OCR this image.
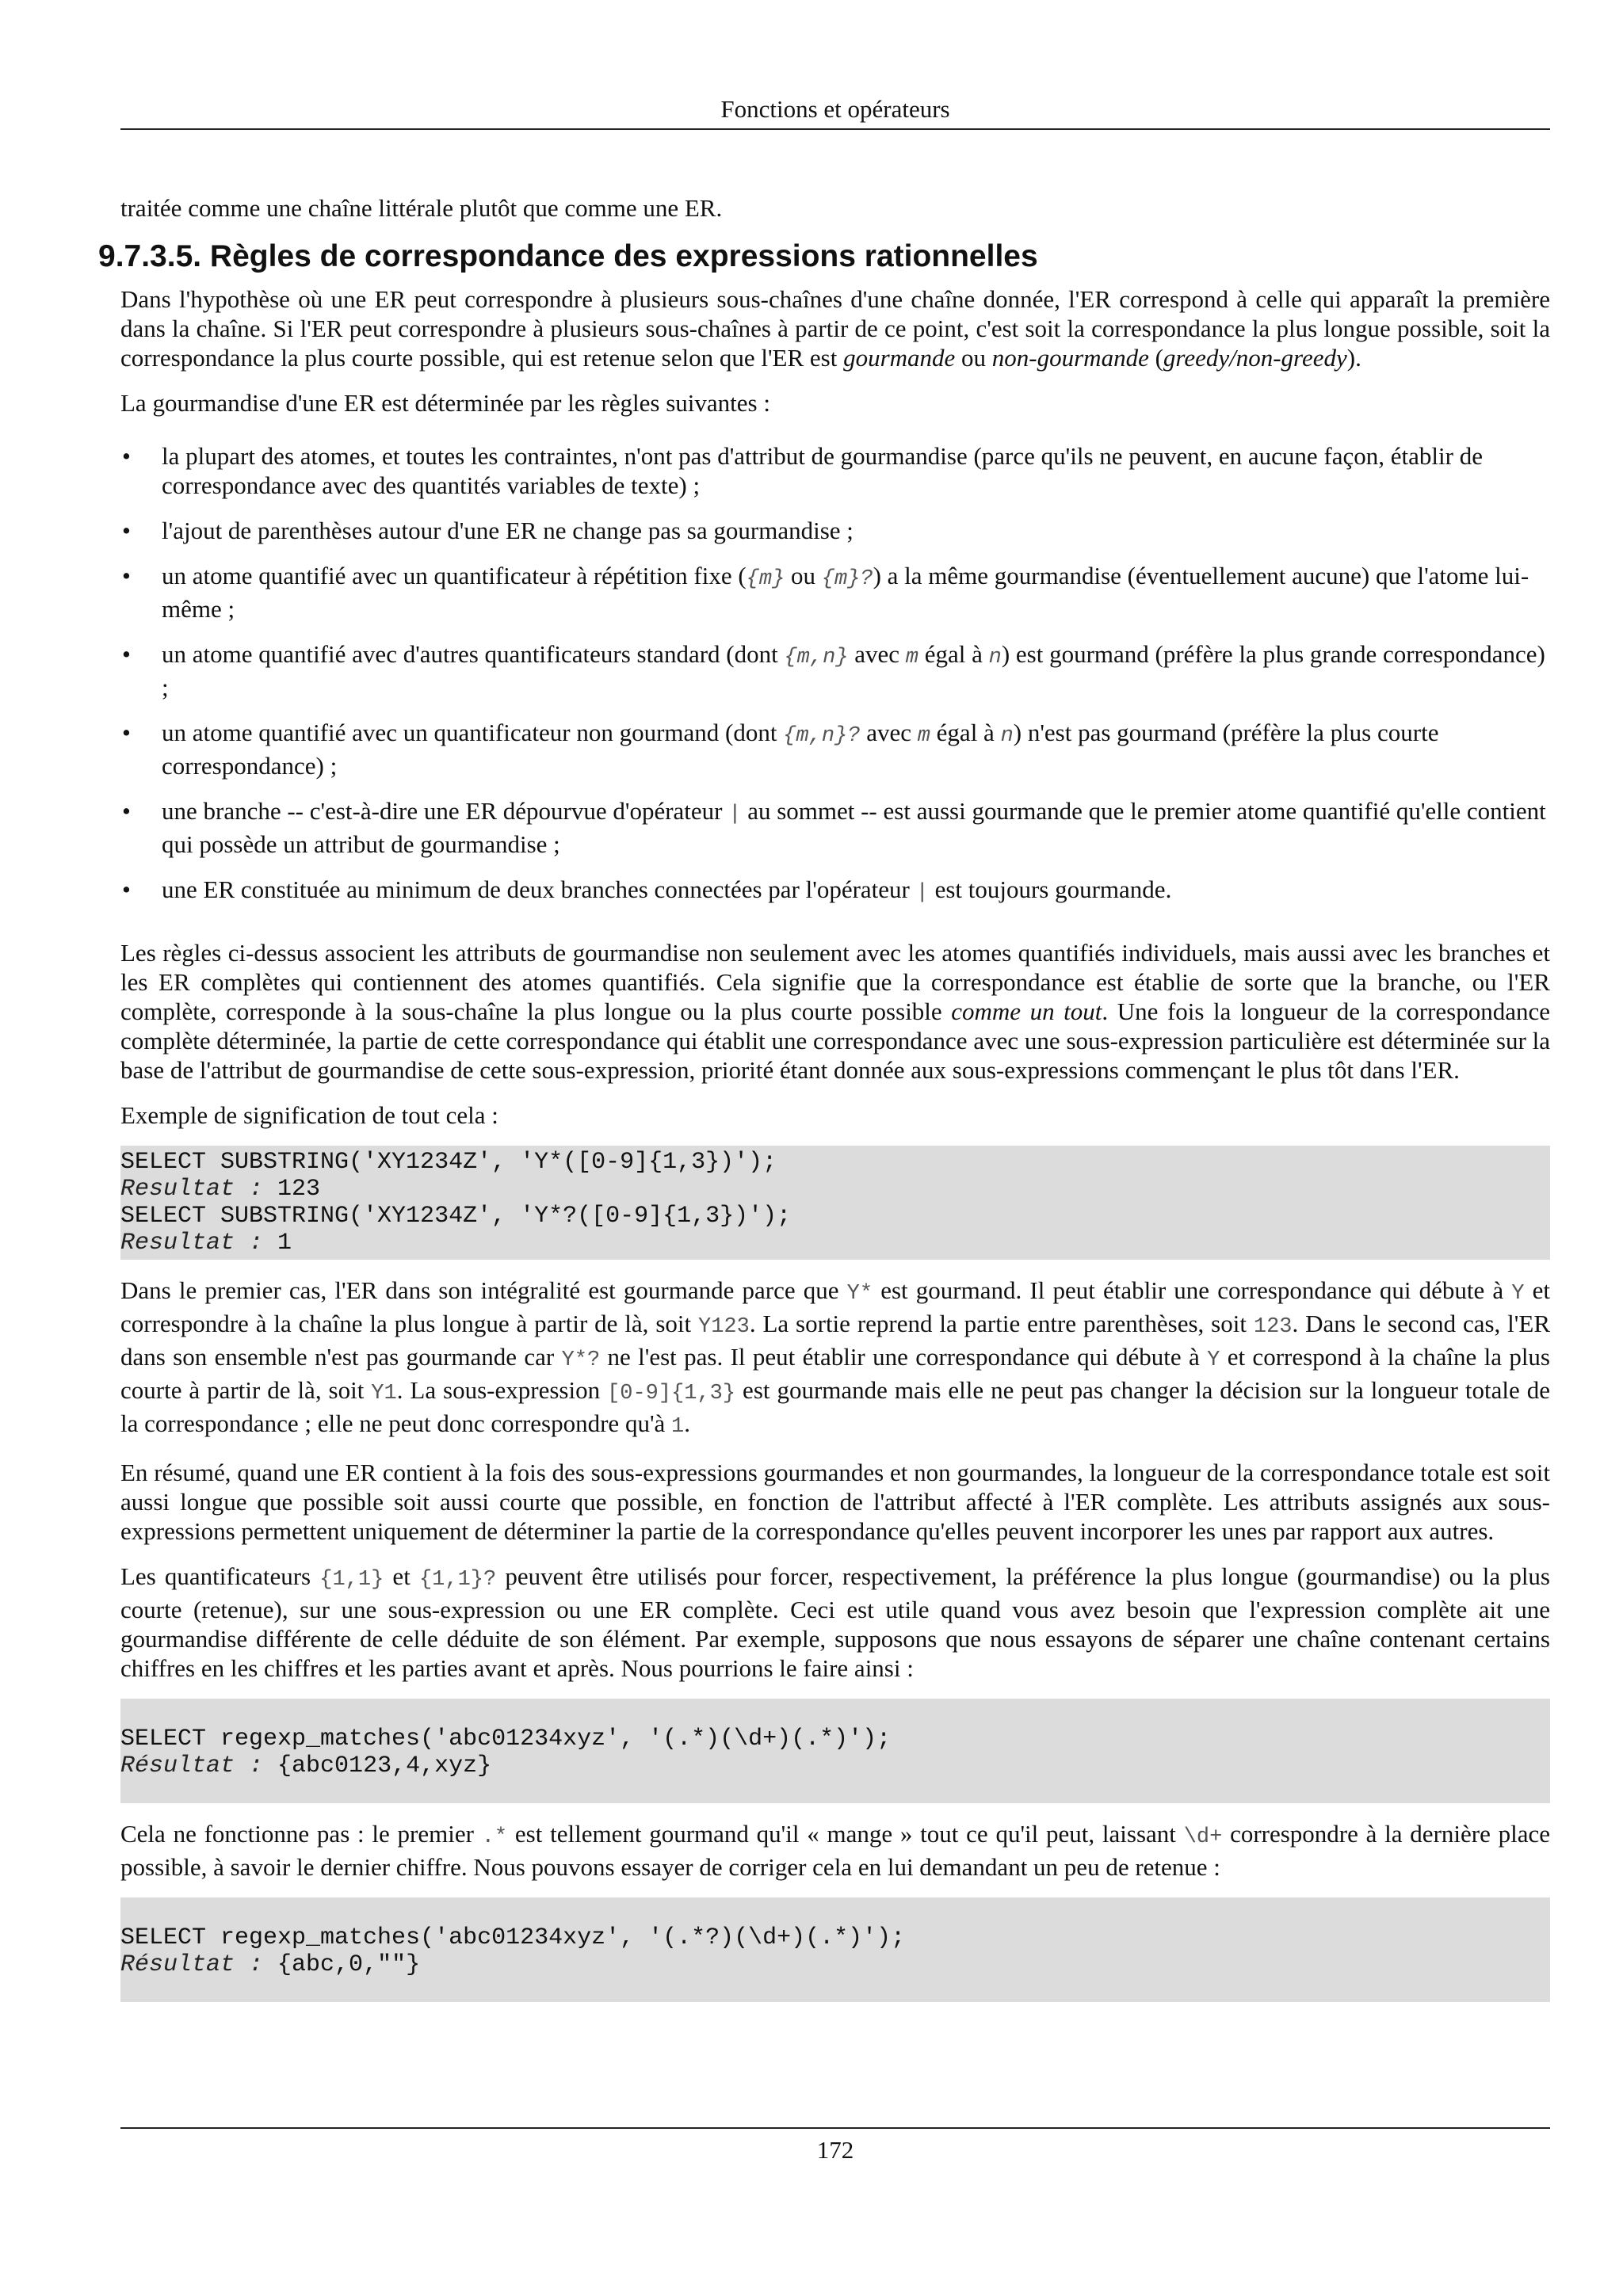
Fonctions et opérateurs

traitée comme une chaîne littérale plutôt que comme une ER.

9.7.3.5. Règles de correspondance des expressions rationnelles

Dans l'hypothèse où une ER peut correspondre à plusieurs sous-chaînes d'une chaîne donnée, l'ER correspond à celle qui apparaît la première dans la chaîne. Si l'ER peut correspondre à plusieurs sous-chaînes à partir de ce point, c'est soit la correspondance la plus longue possible, soit la correspondance la plus courte possible, qui est retenue selon que l'ER est gourmande ou non-gourmande (greedy/non-greedy).

La gourmandise d'une ER est déterminée par les règles suivantes :

• la plupart des atomes, et toutes les contraintes, n'ont pas d'attribut de gourmandise (parce qu'ils ne peuvent, en aucune façon, établir de correspondance avec des quantités variables de texte) ;
• l'ajout de parenthèses autour d'une ER ne change pas sa gourmandise ;
• un atome quantifié avec un quantificateur à répétition fixe ({m} ou {m}?) a la même gourmandise (éventuellement aucune) que l'atome lui-même ;
• un atome quantifié avec d'autres quantificateurs standard (dont {m,n} avec m égal à n) est gourmand (préfère la plus grande correspondance) ;
• un atome quantifié avec un quantificateur non gourmand (dont {m,n}? avec m égal à n) n'est pas gourmand (préfère la plus courte correspondance) ;
• une branche -- c'est-à-dire une ER dépourvue d'opérateur | au sommet -- est aussi gourmande que le premier atome quantifié qu'elle contient qui possède un attribut de gourmandise ;
• une ER constituée au minimum de deux branches connectées par l'opérateur | est toujours gourmande.

Les règles ci-dessus associent les attributs de gourmandise non seulement avec les atomes quantifiés individuels, mais aussi avec les branches et les ER complètes qui contiennent des atomes quantifiés. Cela signifie que la correspondance est établie de sorte que la branche, ou l'ER complète, corresponde à la sous-chaîne la plus longue ou la plus courte possible comme un tout. Une fois la longueur de la correspondance complète déterminée, la partie de cette correspondance qui établit une correspondance avec une sous-expression particulière est déterminée sur la base de l'attribut de gourmandise de cette sous-expression, priorité étant donnée aux sous-expressions commençant le plus tôt dans l'ER.

Exemple de signification de tout cela :

SELECT SUBSTRING('XY1234Z', 'Y*([0-9]{1,3})');
Resultat : 123
SELECT SUBSTRING('XY1234Z', 'Y*?([0-9]{1,3})');
Resultat : 1

Dans le premier cas, l'ER dans son intégralité est gourmande parce que Y* est gourmand. Il peut établir une correspondance qui débute à Y et correspondre à la chaîne la plus longue à partir de là, soit Y123. La sortie reprend la partie entre parenthèses, soit 123. Dans le second cas, l'ER dans son ensemble n'est pas gourmande car Y*? ne l'est pas. Il peut établir une correspondance qui débute à Y et correspond à la chaîne la plus courte à partir de là, soit Y1. La sous-expression [0-9]{1,3} est gourmande mais elle ne peut pas changer la décision sur la longueur totale de la correspondance ; elle ne peut donc correspondre qu'à 1.

En résumé, quand une ER contient à la fois des sous-expressions gourmandes et non gourmandes, la longueur de la correspondance totale est soit aussi longue que possible soit aussi courte que possible, en fonction de l'attribut affecté à l'ER complète. Les attributs assignés aux sous-expressions permettent uniquement de déterminer la partie de la correspondance qu'elles peuvent incorporer les unes par rapport aux autres.

Les quantificateurs {1,1} et {1,1}? peuvent être utilisés pour forcer, respectivement, la préférence la plus longue (gourmandise) ou la plus courte (retenue), sur une sous-expression ou une ER complète. Ceci est utile quand vous avez besoin que l'expression complète ait une gourmandise différente de celle déduite de son élément. Par exemple, supposons que nous essayons de séparer une chaîne contenant certains chiffres en les chiffres et les parties avant et après. Nous pourrions le faire ainsi :

SELECT regexp_matches('abc01234xyz', '(.*)(\d+)(.*)');
Résultat : {abc0123,4,xyz}

Cela ne fonctionne pas : le premier .* est tellement gourmand qu'il « mange » tout ce qu'il peut, laissant \d+ correspondre à la dernière place possible, à savoir le dernier chiffre. Nous pouvons essayer de corriger cela en lui demandant un peu de retenue :

SELECT regexp_matches('abc01234xyz', '(.*?)(\d+)(.*)');
Résultat : {abc,0,""}
172
